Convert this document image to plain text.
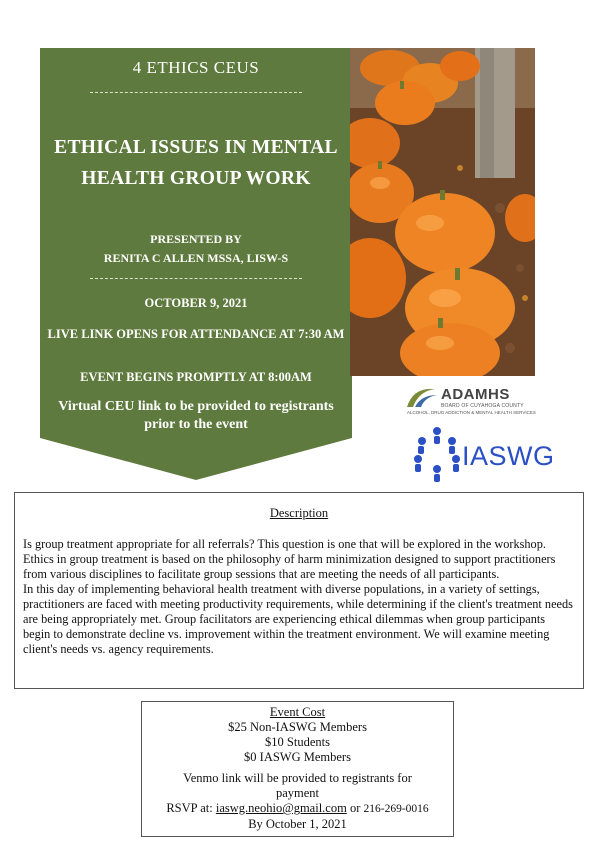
4 ETHICS CEUS
ETHICAL ISSUES IN MENTAL HEALTH GROUP WORK
PRESENTED BY
RENITA C ALLEN MSSA, LISW-S
OCTOBER 9, 2021
LIVE LINK OPENS FOR ATTENDANCE AT 7:30 AM
EVENT BEGINS PROMPTLY AT 8:00AM
Virtual CEU link to be provided to registrants prior to the event
ADAMHS
BOARD OF CUYAHOGA COUNTY
ALCOHOL, DRUG ADDICTION & MENTAL HEALTH SERVICES
IASWG
Description
Is group treatment appropriate for all referrals? This question is one that will be explored in the workshop. Ethics in group treatment is based on the philosophy of harm minimization designed to support practitioners from various disciplines to facilitate group sessions that are meeting the needs of all participants.
In this day of implementing behavioral health treatment with diverse populations, in a variety of settings, practitioners are faced with meeting productivity requirements, while determining if the client's treatment needs are being appropriately met. Group facilitators are experiencing ethical dilemmas when group participants begin to demonstrate decline vs. improvement within the treatment environment. We will examine meeting client's needs vs. agency requirements.
Event Cost
$25 Non-IASWG Members
$10 Students
$0 IASWG Members
Venmo link will be provided to registrants for payment
RSVP at: iaswg.neohio@gmail.com or 216-269-0016
By October 1, 2021
